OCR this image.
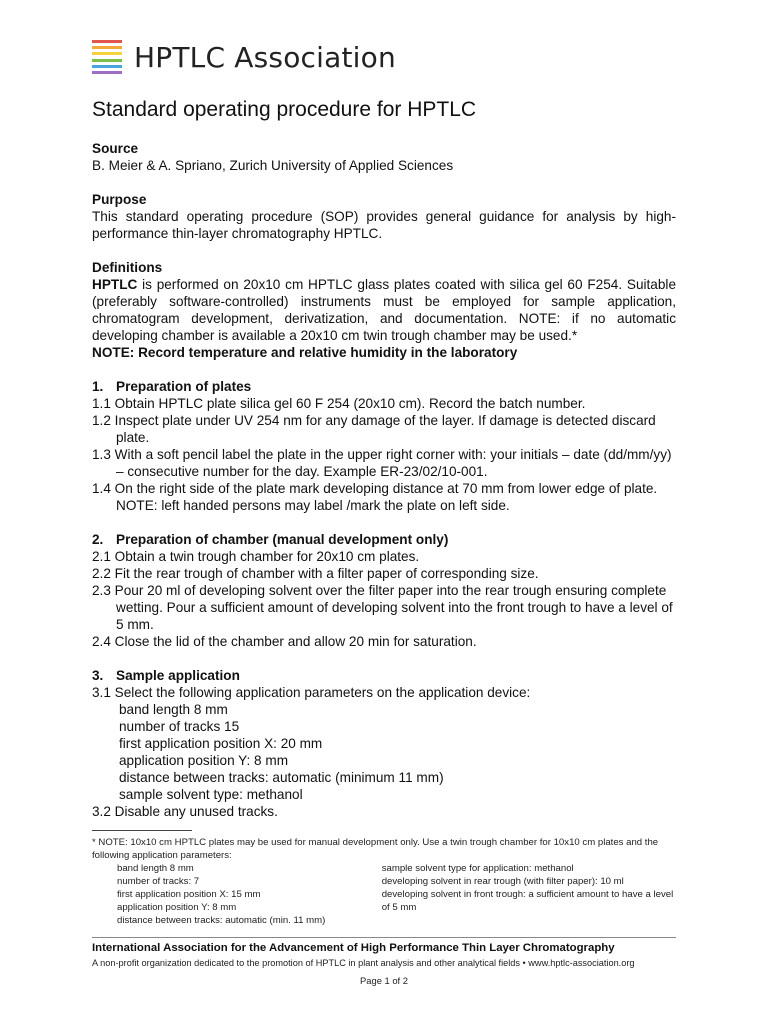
HPTLC Association
Standard operating procedure for HPTLC

Source

B. Meier & A. Spriano, Zurich University of Applied Sciences

Purpose

This standard operating procedure (SOP) provides general guidance for analysis by high-performance thin-layer chromatography HPTLC.

Definitions

HPTLC is performed on 20x10 cm HPTLC glass plates coated with silica gel 60 F254. Suitable (preferably software-controlled) instruments must be employed for sample application, chromatogram development, derivatization, and documentation. NOTE: if no automatic developing chamber is available a 20x10 cm twin trough chamber may be used.*

NOTE: Record temperature and relative humidity in the laboratory

1. Preparation of plates

1.1 Obtain HPTLC plate silica gel 60 F 254 (20x10 cm). Record the batch number.

1.2 Inspect plate under UV 254 nm for any damage of the layer. If damage is detected discard plate.

1.3 With a soft pencil label the plate in the upper right corner with: your initials – date (dd/mm/yy) – consecutive number for the day. Example ER-23/02/10-001.

1.4 On the right side of the plate mark developing distance at 70 mm from lower edge of plate. NOTE: left handed persons may label /mark the plate on left side.

2. Preparation of chamber (manual development only)

2.1 Obtain a twin trough chamber for 20x10 cm plates.

2.2 Fit the rear trough of chamber with a filter paper of corresponding size.

2.3 Pour 20 ml of developing solvent over the filter paper into the rear trough ensuring complete wetting. Pour a sufficient amount of developing solvent into the front trough to have a level of 5 mm.

2.4 Close the lid of the chamber and allow 20 min for saturation.

3. Sample application

3.1 Select the following application parameters on the application device:

band length 8 mm

number of tracks 15

first application position X: 20 mm

application position Y: 8 mm

distance between tracks: automatic (minimum 11 mm)

sample solvent type: methanol

3.2 Disable any unused tracks.

* NOTE: 10x10 cm HPTLC plates may be used for manual development only. Use a twin trough chamber for 10x10 cm plates and the following application parameters:
band length 8 mm
number of tracks: 7
first application position X: 15 mm
application position Y: 8 mm
distance between tracks: automatic (min. 11 mm)
sample solvent type for application: methanol
developing solvent in rear trough (with filter paper): 10 ml
developing solvent in front trough: a sufficient amount to have a level of 5 mm
International Association for the Advancement of High Performance Thin Layer Chromatography
A non-profit organization dedicated to the promotion of HPTLC in plant analysis and other analytical fields • www.hptlc-association.org
Page 1 of 2
